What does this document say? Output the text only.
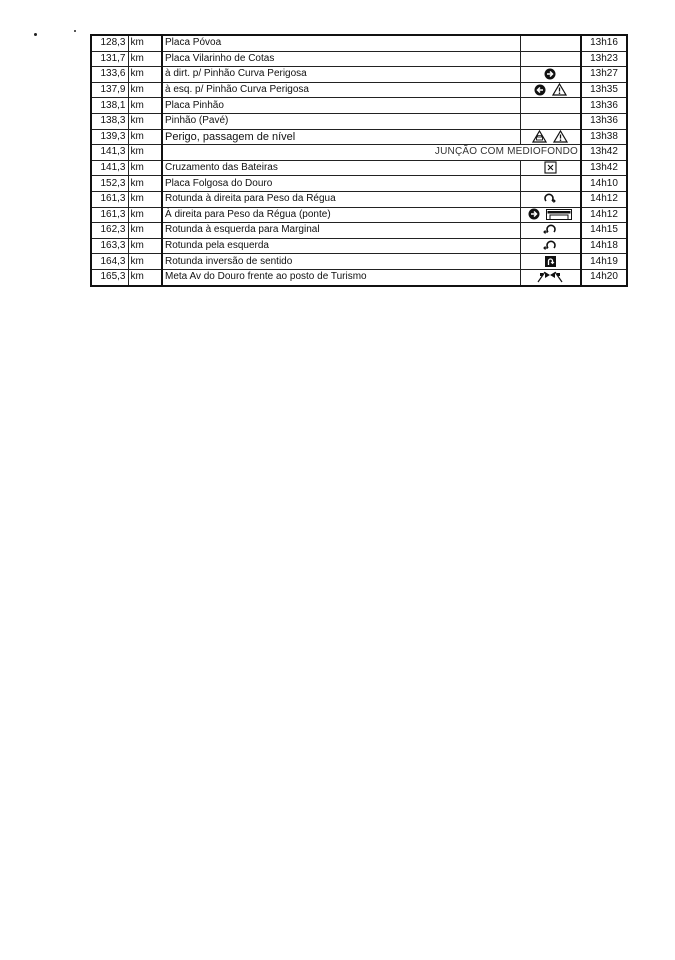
128,3	km	Placa Póvoa		13h16
131,7	km	Placa Vilarinho de Cotas		13h23
133,6	km	à dirt. p/ Pinhão Curva Perigosa		13h27
137,9	km	à esq. p/ Pinhão Curva Perigosa		13h35
138,1	km	Placa Pinhão		13h36
138,3	km	Pinhão (Pavé)		13h36
139,3	km	Perigo, passagem de nível		13h38
141,3	km	JUNÇÃO COM MEDIOFONDO		13h42
141,3	km	Cruzamento das Bateiras		13h42
152,3	km	Placa Folgosa do Douro		14h10
161,3	km	Rotunda à direita para Peso da Régua		14h12
161,3	km	À direita para Peso da Régua (ponte)		14h12
162,3	km	Rotunda à esquerda para Marginal		14h15
163,3	km	Rotunda pela esquerda		14h18
164,3	km	Rotunda inversão de sentido		14h19
165,3	km	Meta Av do Douro frente ao posto de Turismo		14h20
